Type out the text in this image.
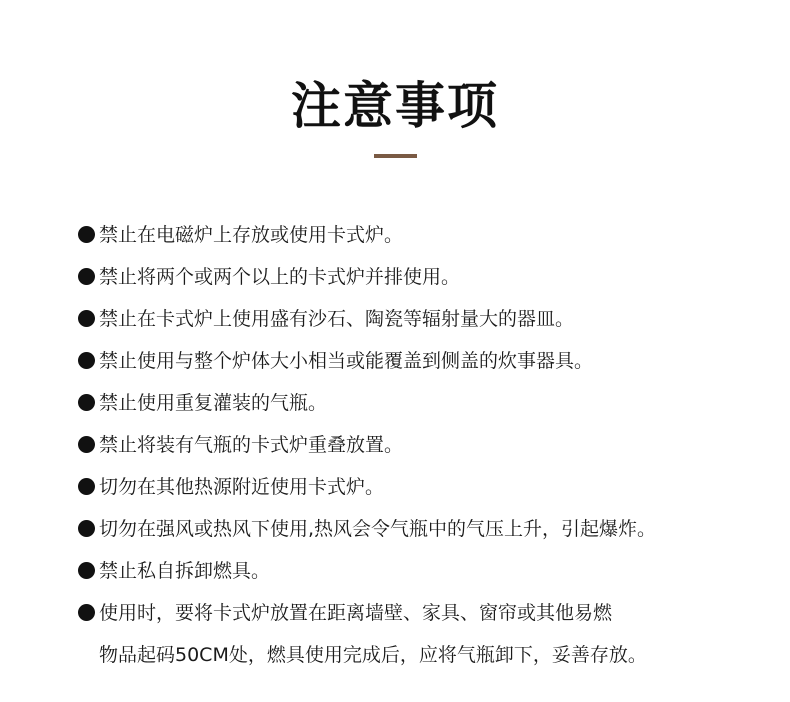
注意事项
禁止在电磁炉上存放或使用卡式炉。
禁止将两个或两个以上的卡式炉并排使用。
禁止在卡式炉上使用盛有沙石、陶瓷等辐射量大的器皿。
禁止使用与整个炉体大小相当或能覆盖到侧盖的炊事器具。
禁止使用重复灌装的气瓶。
禁止将装有气瓶的卡式炉重叠放置。
切勿在其他热源附近使用卡式炉。
切勿在强风或热风下使用,热风会令气瓶中的气压上升，引起爆炸。
禁止私自拆卸燃具。
使用时，要将卡式炉放置在距离墙壁、家具、窗帘或其他易燃
物品起码50CM处，燃具使用完成后，应将气瓶卸下，妥善存放。
